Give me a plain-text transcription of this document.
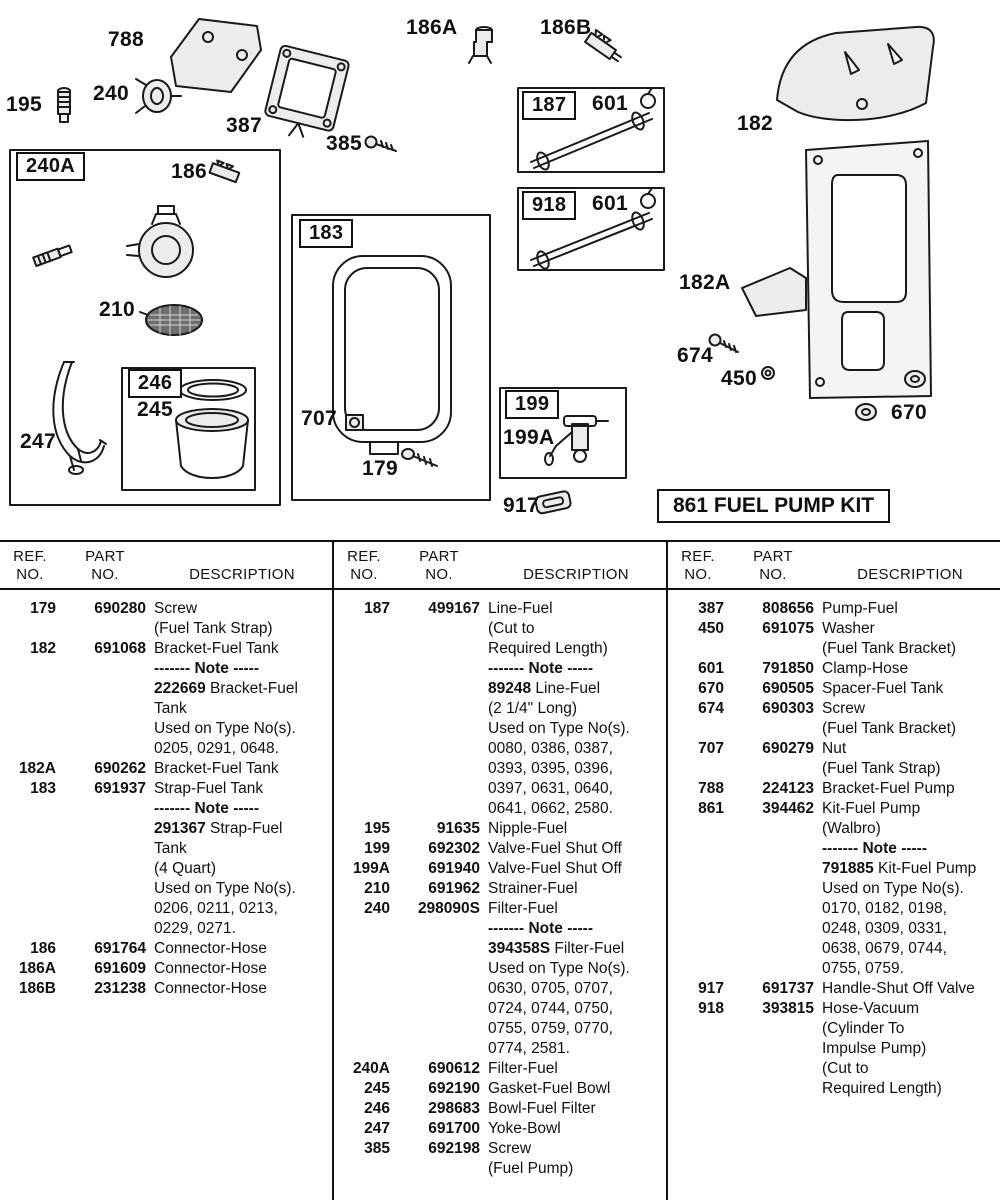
788
186A	186B
195 240
387
385
240A	186
183
187	601
918	601
182
182A
210
674
450
670
246
245
247
199
199A
707
179
917	861 FUEL PUMP KIT
REF.
NO.
PART
NO.	DESCRIPTION
179	690280 Screw
(Fuel Tank Strap)
182	691068 Bracket-Fuel Tank
------- Note -----
222669 Bracket-Fuel
Tank
Used on Type No(s).
0205, 0291, 0648.
182A	690262 Bracket-Fuel Tank
183	691937 Strap-Fuel Tank
------- Note -----
291367 Strap-Fuel
Tank
(4 Quart)
Used on Type No(s).
0206, 0211, 0213,
0229, 0271.
186	691764 Connector-Hose
186A	691609 Connector-Hose
186B	231238 Connector-Hose
REF.
NO.
PART
NO.	DESCRIPTION
187	499167 Line-Fuel
(Cut to
Required Length)
------- Note -----
89248 Line-Fuel
(2 1/4" Long)
Used on Type No(s).
0080, 0386, 0387,
0393, 0395, 0396,
0397, 0631, 0640,
0641, 0662, 2580.
195	91635 Nipple-Fuel
199	692302 Valve-Fuel Shut Off
199A	691940 Valve-Fuel Shut Off
210	691962 Strainer-Fuel
240	298090S Filter-Fuel
------- Note -----
394358S Filter-Fuel
Used on Type No(s).
0630, 0705, 0707,
0724, 0744, 0750,
0755, 0759, 0770,
0774, 2581.
240A	690612 Filter-Fuel
245	692190 Gasket-Fuel Bowl
246	298683 Bowl-Fuel Filter
247	691700 Yoke-Bowl
385	692198 Screw
(Fuel Pump)
REF.
NO.
PART
NO.	DESCRIPTION
387	808656 Pump-Fuel
450	691075 Washer
(Fuel Tank Bracket)
601	791850 Clamp-Hose
670	690505 Spacer-Fuel Tank
674	690303 Screw
(Fuel Tank Bracket)
707	690279 Nut
(Fuel Tank Strap)
788	224123 Bracket-Fuel Pump
861	394462 Kit-Fuel Pump
(Walbro)
------- Note -----
791885 Kit-Fuel Pump
Used on Type No(s).
0170, 0182, 0198,
0248, 0309, 0331,
0638, 0679, 0744,
0755, 0759.
917	691737 Handle-Shut Off Valve
918	393815 Hose-Vacuum
(Cylinder To
Impulse Pump)
(Cut to
Required Length)
